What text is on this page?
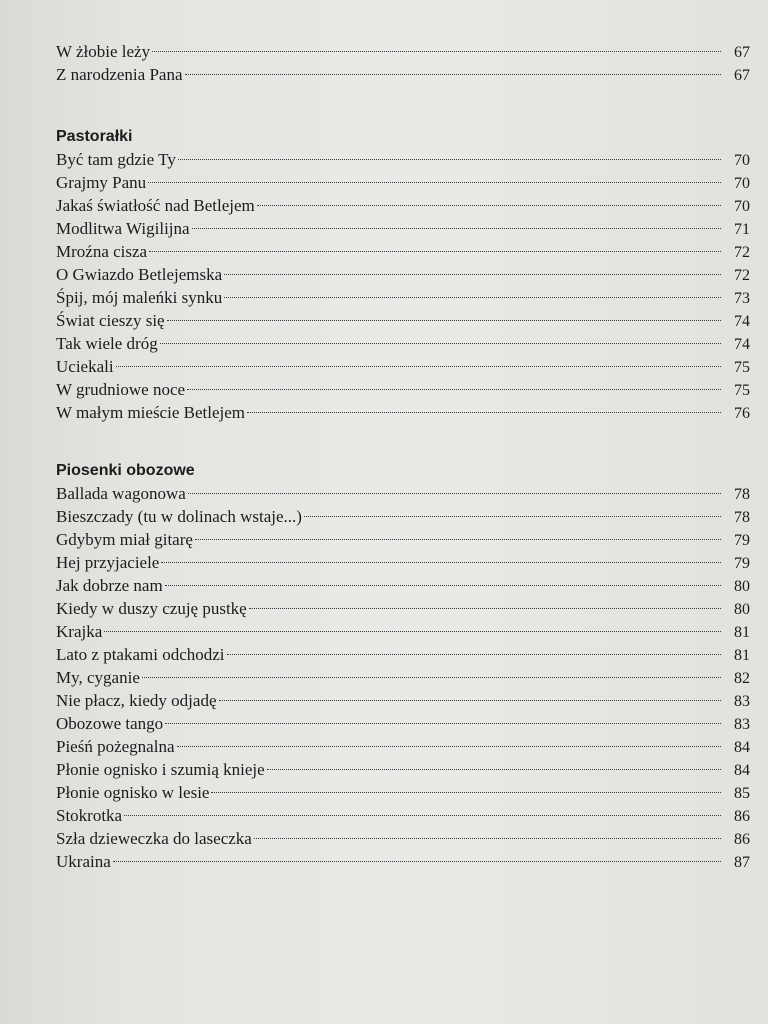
W żłobie leży	67
Z narodzenia Pana	67
Pastorałki
Być tam gdzie Ty	70
Grajmy Panu	70
Jakaś światłość nad Betlejem	70
Modlitwa Wigilijna	71
Mroźna cisza	72
O Gwiazdo Betlejemska	72
Śpij, mój maleńki synku	73
Świat cieszy się	74
Tak wiele dróg	74
Uciekali	75
W grudniowe noce	75
W małym mieście Betlejem	76
Piosenki obozowe
Ballada wagonowa	78
Bieszczady (tu w dolinach wstaje...)	78
Gdybym miał gitarę	79
Hej przyjaciele	79
Jak dobrze nam	80
Kiedy w duszy czuję pustkę	80
Krajka	81
Lato z ptakami odchodzi	81
My, cyganie	82
Nie płacz, kiedy odjadę	83
Obozowe tango	83
Pieśń pożegnalna	84
Płonie ognisko i szumią knieje	84
Płonie ognisko w lesie	85
Stokrotka	86
Szła dzieweczka do laseczka	86
Ukraina	87
